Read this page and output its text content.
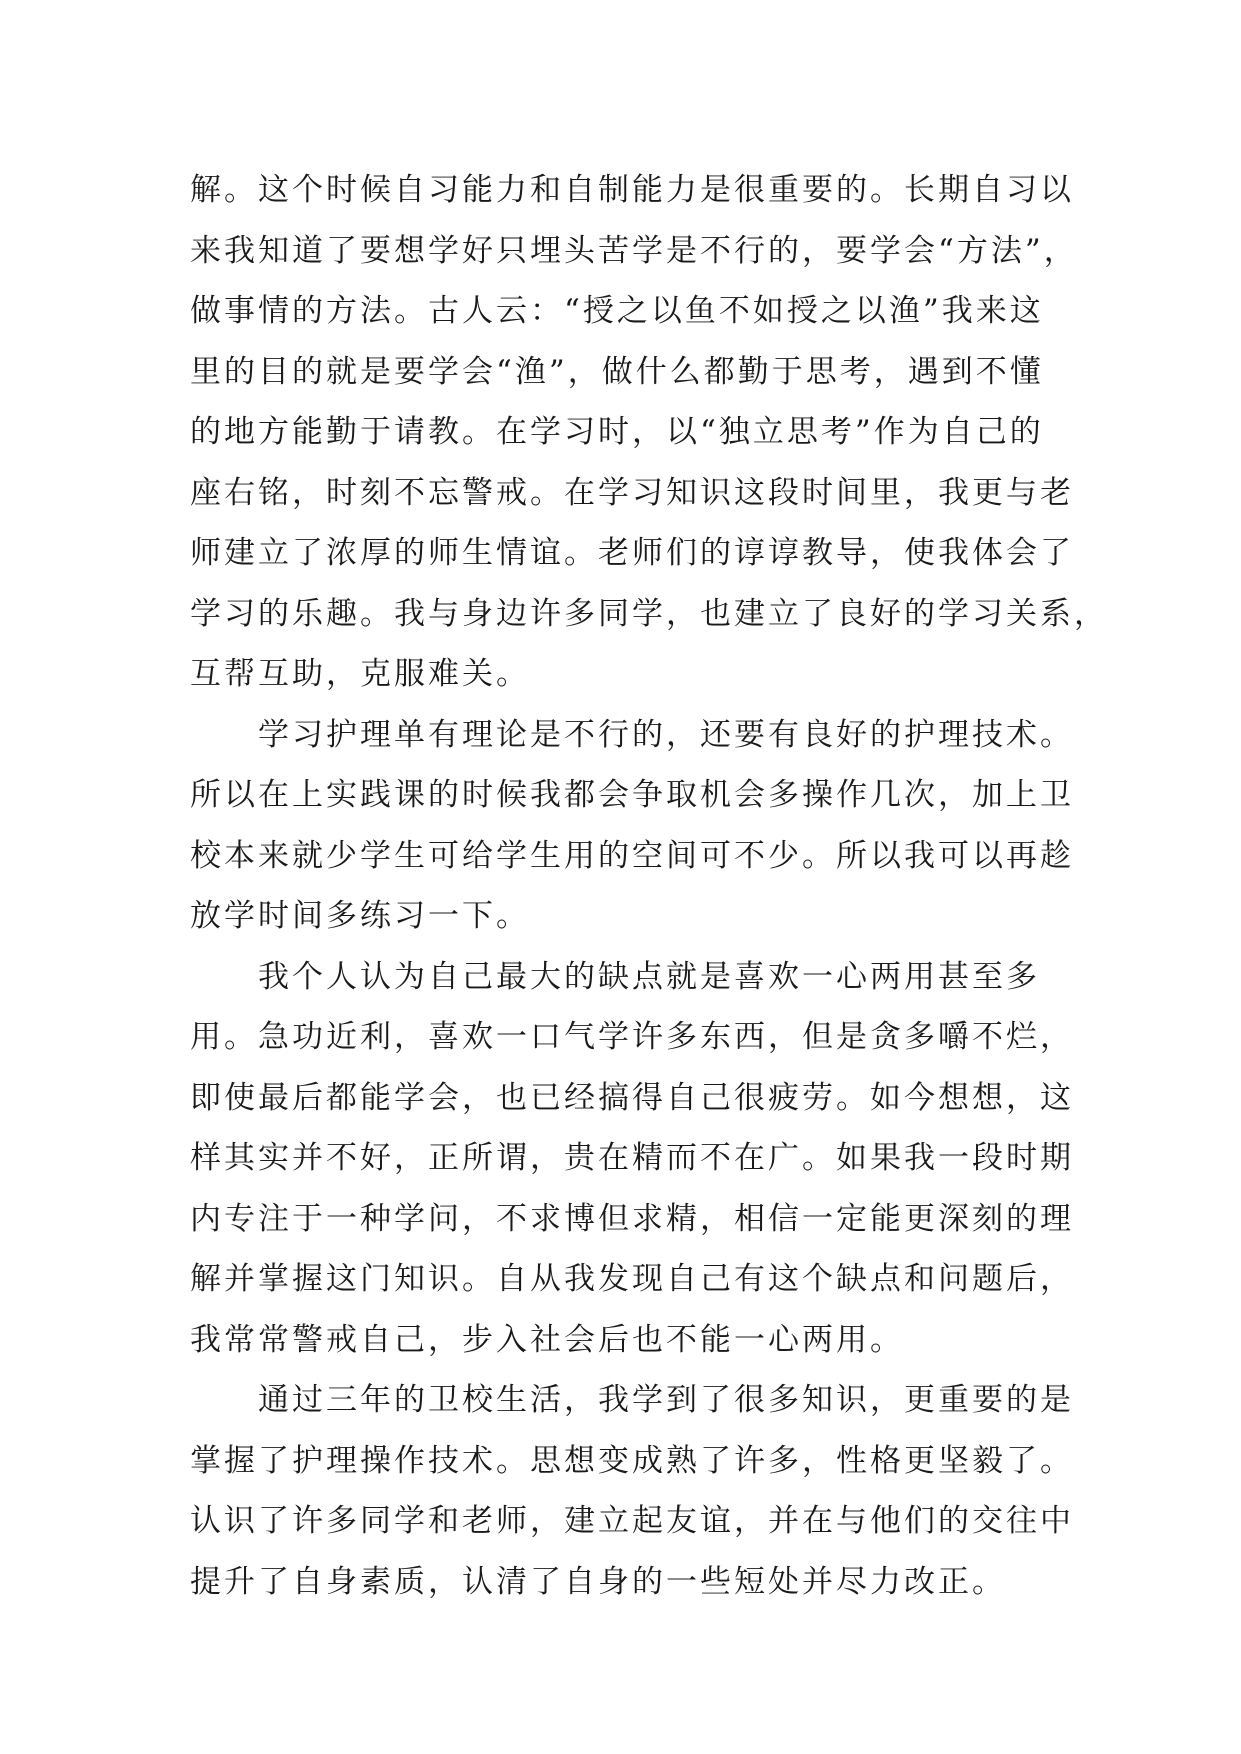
解。这个时候自习能力和自制能力是很重要的。长期自习以
来我知道了要想学好只埋头苦学是不行的，要学会“方法”，
做事情的方法。古人云：“授之以鱼不如授之以渔”我来这
里的目的就是要学会“渔”，做什么都勤于思考，遇到不懂
的地方能勤于请教。在学习时，以“独立思考”作为自己的
座右铭，时刻不忘警戒。在学习知识这段时间里，我更与老
师建立了浓厚的师生情谊。老师们的谆谆教导，使我体会了
学习的乐趣。我与身边许多同学，也建立了良好的学习关系，
互帮互助，克服难关。
学习护理单有理论是不行的，还要有良好的护理技术。
所以在上实践课的时候我都会争取机会多操作几次，加上卫
校本来就少学生可给学生用的空间可不少。所以我可以再趁
放学时间多练习一下。
我个人认为自己最大的缺点就是喜欢一心两用甚至多
用。急功近利，喜欢一口气学许多东西，但是贪多嚼不烂，
即使最后都能学会，也已经搞得自己很疲劳。如今想想，这
样其实并不好，正所谓，贵在精而不在广。如果我一段时期
内专注于一种学问，不求博但求精，相信一定能更深刻的理
解并掌握这门知识。自从我发现自己有这个缺点和问题后，
我常常警戒自己，步入社会后也不能一心两用。
通过三年的卫校生活，我学到了很多知识，更重要的是
掌握了护理操作技术。思想变成熟了许多，性格更坚毅了。
认识了许多同学和老师，建立起友谊，并在与他们的交往中
提升了自身素质，认清了自身的一些短处并尽力改正。
